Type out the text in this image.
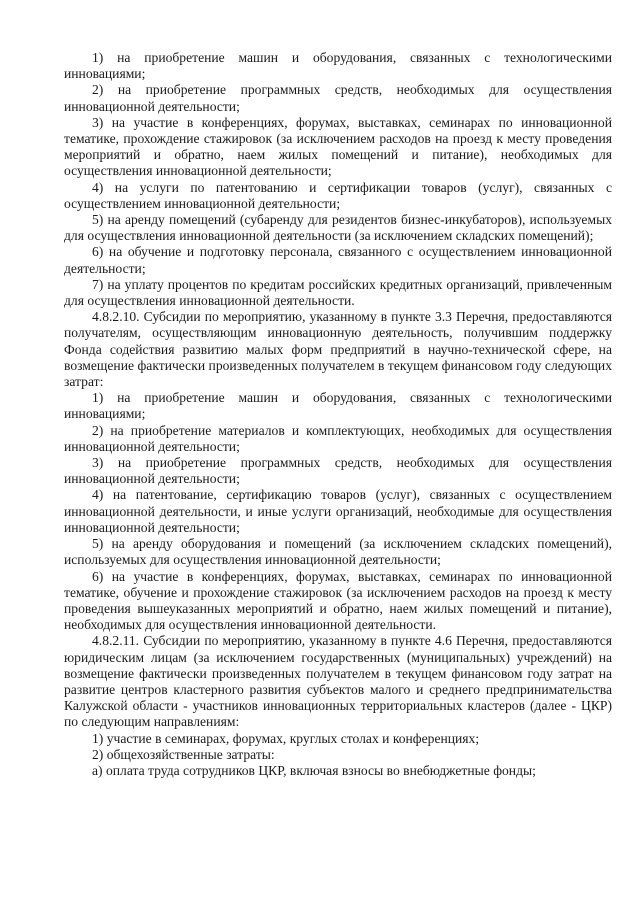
1) на приобретение машин и оборудования, связанных с технологическими инновациями;

2) на приобретение программных средств, необходимых для осуществления инновационной деятельности;

3) на участие в конференциях, форумах, выставках, семинарах по инновационной тематике, прохождение стажировок (за исключением расходов на проезд к месту проведения мероприятий и обратно, наем жилых помещений и питание), необходимых для осуществления инновационной деятельности;

4) на услуги по патентованию и сертификации товаров (услуг), связанных с осуществлением инновационной деятельности;

5) на аренду помещений (субаренду для резидентов бизнес-инкубаторов), используемых для осуществления инновационной деятельности (за исключением складских помещений);

6) на обучение и подготовку персонала, связанного с осуществлением инновационной деятельности;

7) на уплату процентов по кредитам российских кредитных организаций, привлеченным для осуществления инновационной деятельности.

4.8.2.10. Субсидии по мероприятию, указанному в пункте 3.3 Перечня, предоставляются получателям, осуществляющим инновационную деятельность, получившим поддержку Фонда содействия развитию малых форм предприятий в научно-технической сфере, на возмещение фактически произведенных получателем в текущем финансовом году следующих затрат:

1) на приобретение машин и оборудования, связанных с технологическими инновациями;

2) на приобретение материалов и комплектующих, необходимых для осуществления инновационной деятельности;

3) на приобретение программных средств, необходимых для осуществления инновационной деятельности;

4) на патентование, сертификацию товаров (услуг), связанных с осуществлением инновационной деятельности, и иные услуги организаций, необходимые для осуществления инновационной деятельности;

5) на аренду оборудования и помещений (за исключением складских помещений), используемых для осуществления инновационной деятельности;

6) на участие в конференциях, форумах, выставках, семинарах по инновационной тематике, обучение и прохождение стажировок (за исключением расходов на проезд к месту проведения вышеуказанных мероприятий и обратно, наем жилых помещений и питание), необходимых для осуществления инновационной деятельности.

4.8.2.11. Субсидии по мероприятию, указанному в пункте 4.6 Перечня, предоставляются юридическим лицам (за исключением государственных (муниципальных) учреждений) на возмещение фактически произведенных получателем в текущем финансовом году затрат на развитие центров кластерного развития субъектов малого и среднего предпринимательства Калужской области - участников инновационных территориальных кластеров (далее - ЦКР) по следующим направлениям:

1) участие в семинарах, форумах, круглых столах и конференциях;

2) общехозяйственные затраты:

а) оплата труда сотрудников ЦКР, включая взносы во внебюджетные фонды;
